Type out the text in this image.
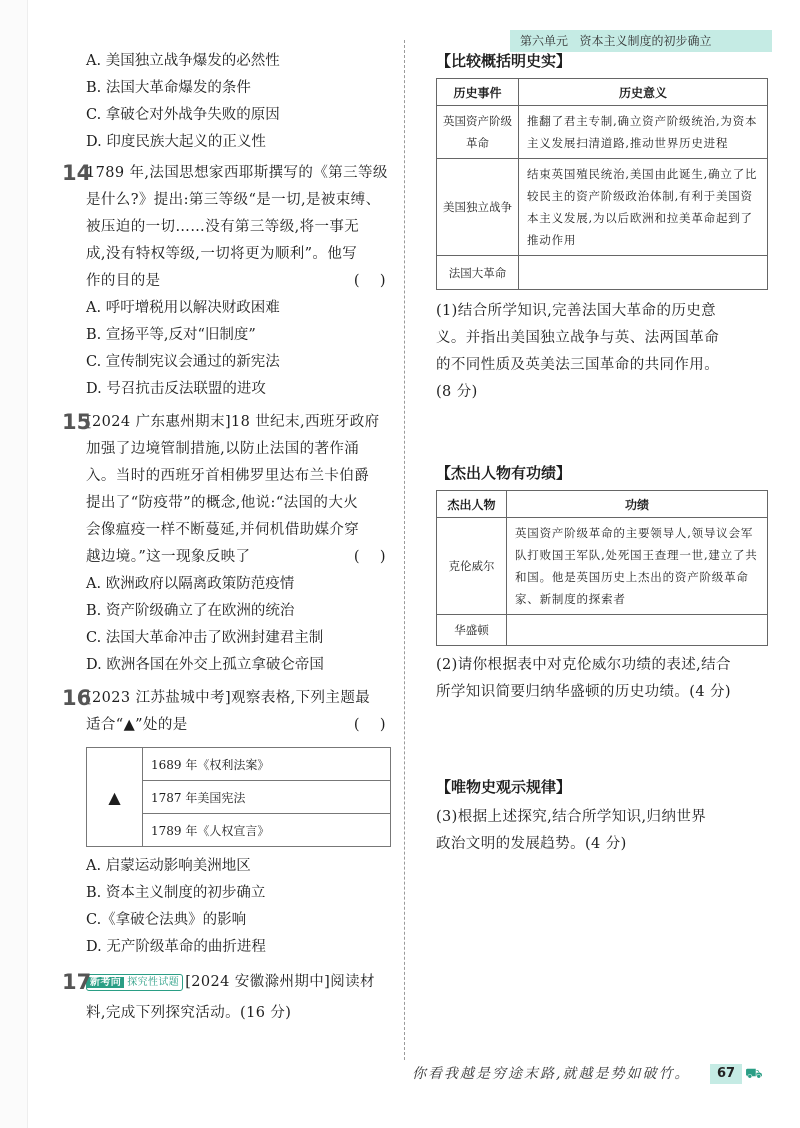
第六单元 资本主义制度的初步确立
A. 美国独立战争爆发的必然性
B. 法国大革命爆发的条件
C. 拿破仑对外战争失败的原因
D. 印度民族大起义的正义性
14
1789 年,法国思想家西耶斯撰写的《第三等级
是什么?》提出:第三等级“是一切,是被束缚、
被压迫的一切……没有第三等级,将一事无
成,没有特权等级,一切将更为顺利”。他写
作的目的是	(    )
A. 呼吁增税用以解决财政困难
B. 宣扬平等,反对“旧制度”
C. 宣传制宪议会通过的新宪法
D. 号召抗击反法联盟的进攻
15
[2024 广东惠州期末]18 世纪末,西班牙政府
加强了边境管制措施,以防止法国的著作涌
入。当时的西班牙首相佛罗里达布兰卡伯爵
提出了“防疫带”的概念,他说:“法国的大火
会像瘟疫一样不断蔓延,并伺机借助媒介穿
越边境。”这一现象反映了	(    )
A. 欧洲政府以隔离政策防范疫情
B. 资产阶级确立了在欧洲的统治
C. 法国大革命冲击了欧洲封建君主制
D. 欧洲各国在外交上孤立拿破仑帝国
16
[2023 江苏盐城中考]观察表格,下列主题最
适合“▲”处的是	(    )
▲	1689 年《权利法案》
1787 年美国宪法
1789 年《人权宣言》
A. 启蒙运动影响美洲地区
B. 资本主义制度的初步确立
C.《拿破仑法典》的影响
D. 无产阶级革命的曲折进程
17
新考向 探究性试题 [2024 安徽滁州期中]阅读材
料,完成下列探究活动。(16 分)
【比较概括明史实】
历史事件	历史意义
英国资产阶级革命	推翻了君主专制,确立资产阶级统治,为资本主义发展扫清道路,推动世界历史进程
美国独立战争	结束英国殖民统治,美国由此诞生,确立了比较民主的资产阶级政治体制,有利于美国资本主义发展,为以后欧洲和拉美革命起到了推动作用
法国大革命	
(1)结合所学知识,完善法国大革命的历史意
义。并指出美国独立战争与英、法两国革命
的不同性质及英美法三国革命的共同作用。
(8 分)
【杰出人物有功绩】
杰出人物	功绩
克伦威尔	英国资产阶级革命的主要领导人,领导议会军队打败国王军队,处死国王查理一世,建立了共和国。他是英国历史上杰出的资产阶级革命家、新制度的探索者
华盛顿	
(2)请你根据表中对克伦威尔功绩的表述,结合
所学知识简要归纳华盛顿的历史功绩。(4 分)
【唯物史观示规律】
(3)根据上述探究,结合所学知识,归纳世界
政治文明的发展趋势。(4 分)
你看我越是穷途末路,就越是势如破竹。	67 ⛟
